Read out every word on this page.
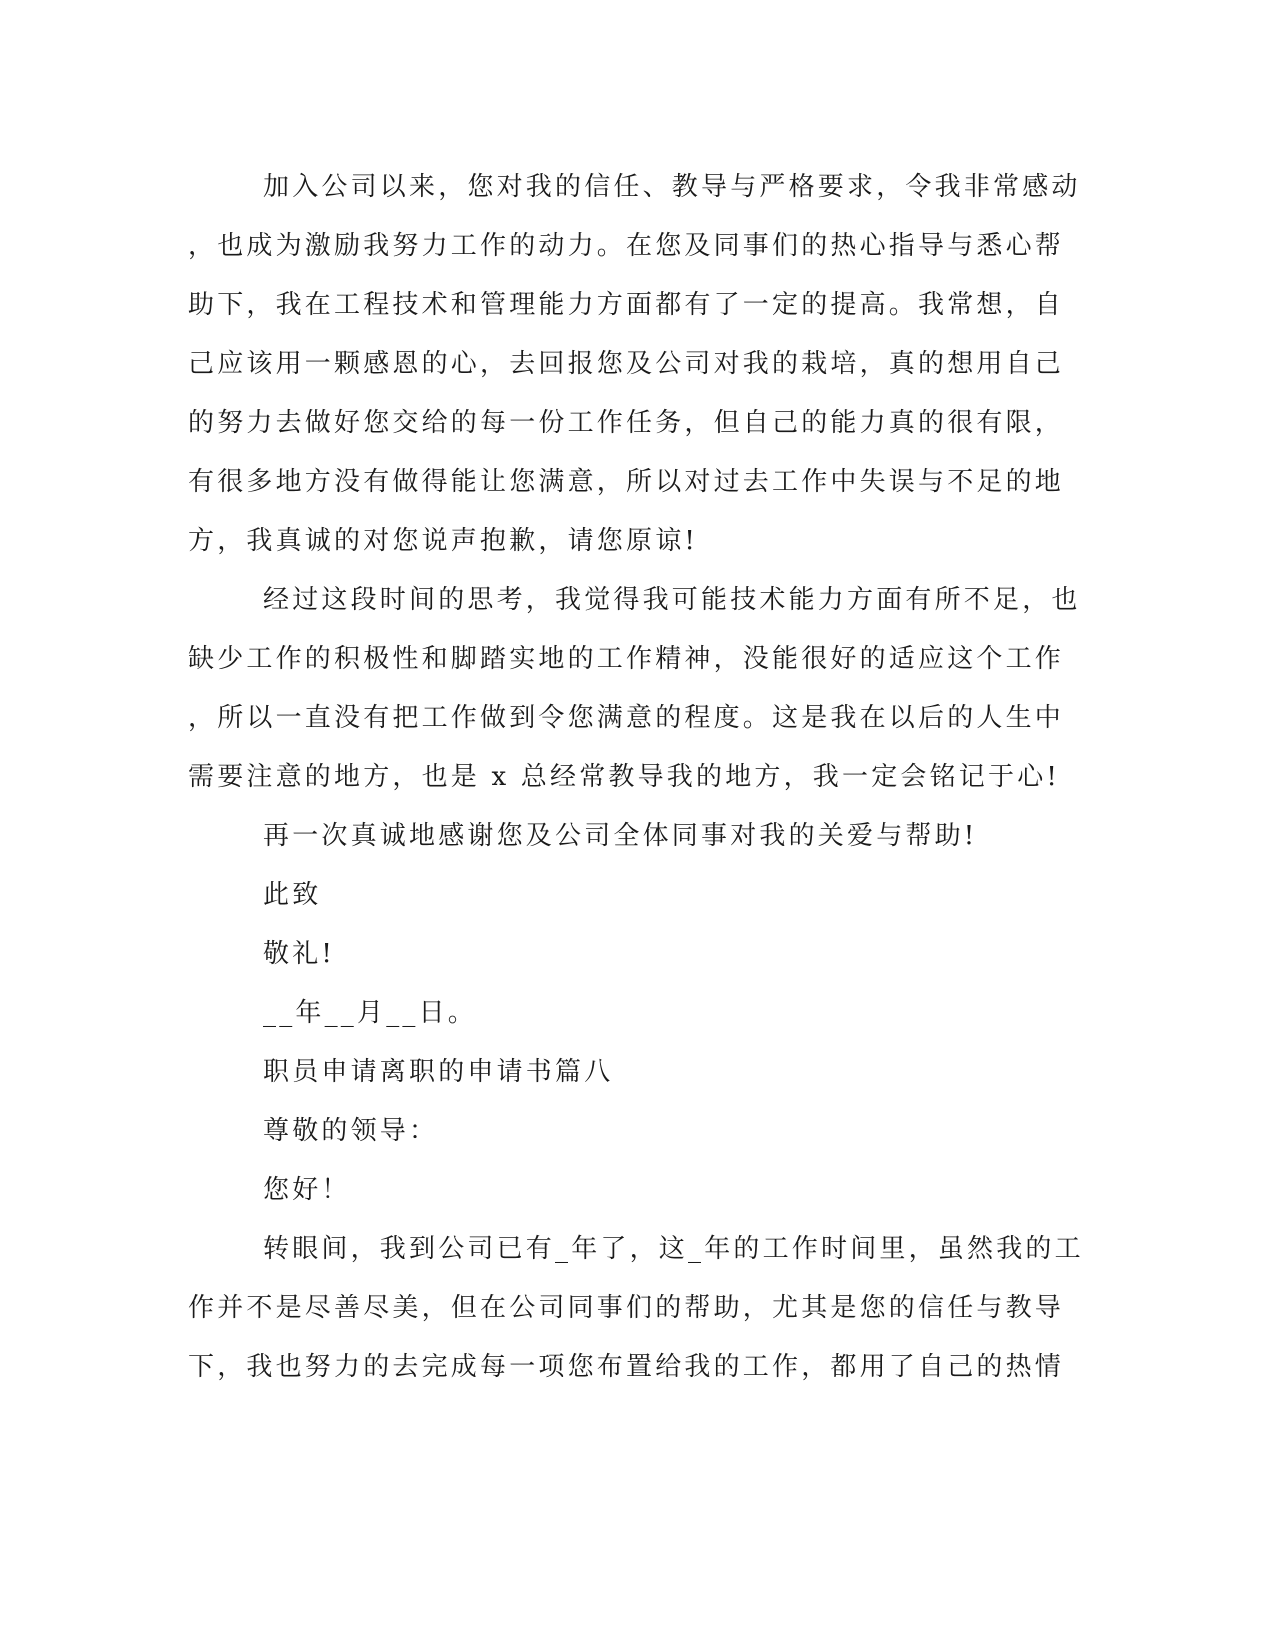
加入公司以来，您对我的信任、教导与严格要求，令我非常感动
，也成为激励我努力工作的动力。在您及同事们的热心指导与悉心帮
助下，我在工程技术和管理能力方面都有了一定的提高。我常想，自
己应该用一颗感恩的心，去回报您及公司对我的栽培，真的想用自己
的努力去做好您交给的每一份工作任务，但自己的能力真的很有限，
有很多地方没有做得能让您满意，所以对过去工作中失误与不足的地
方，我真诚的对您说声抱歉，请您原谅!
经过这段时间的思考，我觉得我可能技术能力方面有所不足，也
缺少工作的积极性和脚踏实地的工作精神，没能很好的适应这个工作
，所以一直没有把工作做到令您满意的程度。这是我在以后的人生中
需要注意的地方，也是 x 总经常教导我的地方，我一定会铭记于心!
再一次真诚地感谢您及公司全体同事对我的关爱与帮助!
此致
敬礼!
__年__月__日。
职员申请离职的申请书篇八
尊敬的领导：
您好！
转眼间，我到公司已有_年了，这_年的工作时间里，虽然我的工
作并不是尽善尽美，但在公司同事们的帮助，尤其是您的信任与教导
下，我也努力的去完成每一项您布置给我的工作，都用了自己的热情
